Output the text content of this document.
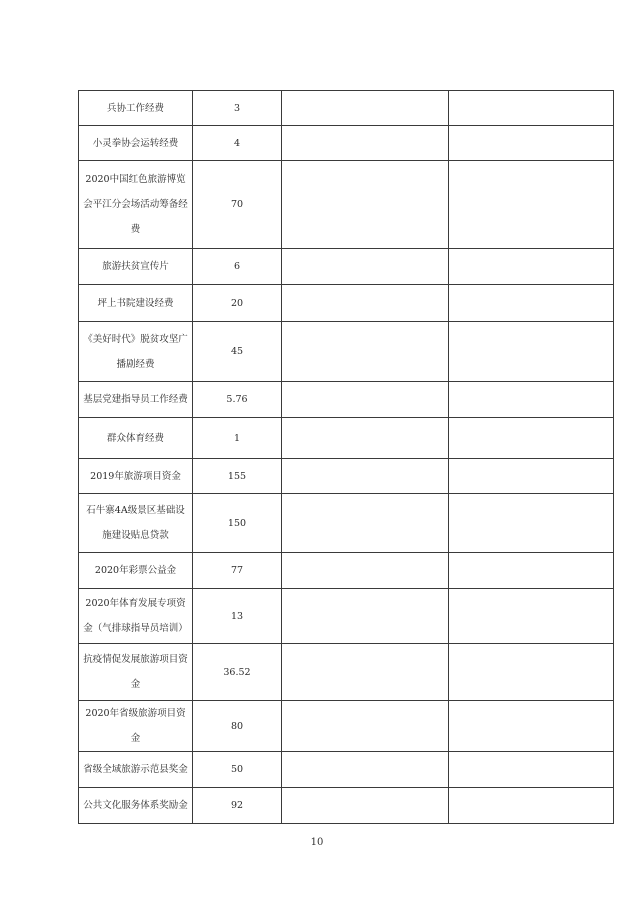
兵协工作经费	3		
小灵拳协会运转经费	4		
2020中国红色旅游博览会平江分会场活动筹备经费	70		
旅游扶贫宣传片	6		
坪上书院建设经费	20		
《美好时代》脱贫攻坚广播剧经费	45		
基层党建指导员工作经费	5.76		
群众体育经费	1		
2019年旅游项目资金	155		
石牛寨4A级景区基础设施建设贴息贷款	150		
2020年彩票公益金	77		
2020年体育发展专项资金（气排球指导员培训）	13		
抗疫情促发展旅游项目资金	36.52		
2020年省级旅游项目资金	80		
省级全域旅游示范县奖金	50		
公共文化服务体系奖励金	92		
10
